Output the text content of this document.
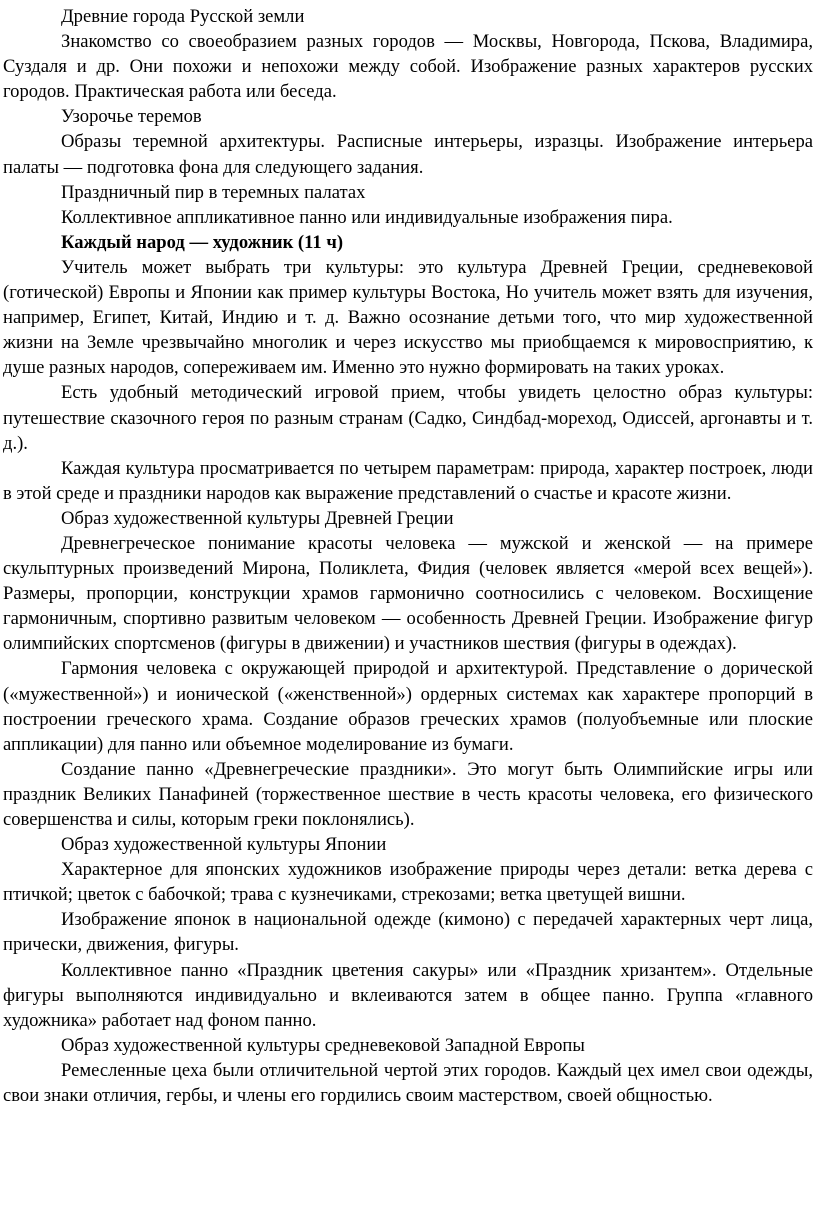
Древние города Русской земли

Знакомство со своеобразием разных городов — Москвы, Новгорода, Пскова, Владимира, Суздаля и др. Они похожи и непохожи между собой. Изображение разных характеров русских городов. Практическая работа или беседа.

Узорочье теремов

Образы теремной архитектуры. Расписные интерьеры, изразцы. Изображение интерьера палаты — подготовка фона для следующего задания.

Праздничный пир в теремных палатах

Коллективное аппликативное панно или индивидуальные изображения пира.

Каждый народ — художник (11 ч)

Учитель может выбрать три культуры: это культура Древней Греции, средневековой (готической) Европы и Японии как пример культуры Востока, Но учитель может взять для изучения, например, Египет, Китай, Индию и т. д. Важно осознание детьми того, что мир художественной жизни на Земле чрезвычайно многолик и через искусство мы приобщаемся к мировосприятию, к душе разных народов, сопереживаем им. Именно это нужно формировать на таких уроках.

Есть удобный методический игровой прием, чтобы увидеть целостно образ культуры: путешествие сказочного героя по разным странам (Садко, Синдбад-мореход, Одиссей, аргонавты и т. д.).

Каждая культура просматривается по четырем параметрам: природа, характер построек, люди в этой среде и праздники народов как выражение представлений о счастье и красоте жизни.

Образ художественной культуры Древней Греции

Древнегреческое понимание красоты человека — мужской и женской — на примере скульптурных произведений Мирона, Поликлета, Фидия (человек является «мерой всех вещей»). Размеры, пропорции, конструкции храмов гармонично соотносились с человеком. Восхищение гармоничным, спортивно развитым человеком — особенность Древней Греции. Изображение фигур олимпийских спортсменов (фигуры в движении) и участников шествия (фигуры в одеждах).

Гармония человека с окружающей природой и архитектурой. Представление о дорической («мужественной») и ионической («женственной») ордерных системах как характере пропорций в построении греческого храма. Создание образов греческих храмов (полуобъемные или плоские аппликации) для панно или объемное моделирование из бумаги.

Создание панно «Древнегреческие праздники». Это могут быть Олимпийские игры или праздник Великих Панафиней (торжественное шествие в честь красоты человека, его физического совершенства и силы, которым греки поклонялись).

Образ художественной культуры Японии

Характерное для японских художников изображение природы через детали: ветка дерева с птичкой; цветок с бабочкой; трава с кузнечиками, стрекозами; ветка цветущей вишни.

Изображение японок в национальной одежде (кимоно) с передачей характерных черт лица, прически, движения, фигуры.

Коллективное панно «Праздник цветения сакуры» или «Праздник хризантем». Отдельные фигуры выполняются индивидуально и вклеиваются затем в общее панно. Группа «главного художника» работает над фоном панно.

Образ художественной культуры средневековой Западной Европы

Ремесленные цеха были отличительной чертой этих городов. Каждый цех имел свои одежды, свои знаки отличия, гербы, и члены его гордились своим мастерством, своей общностью.
